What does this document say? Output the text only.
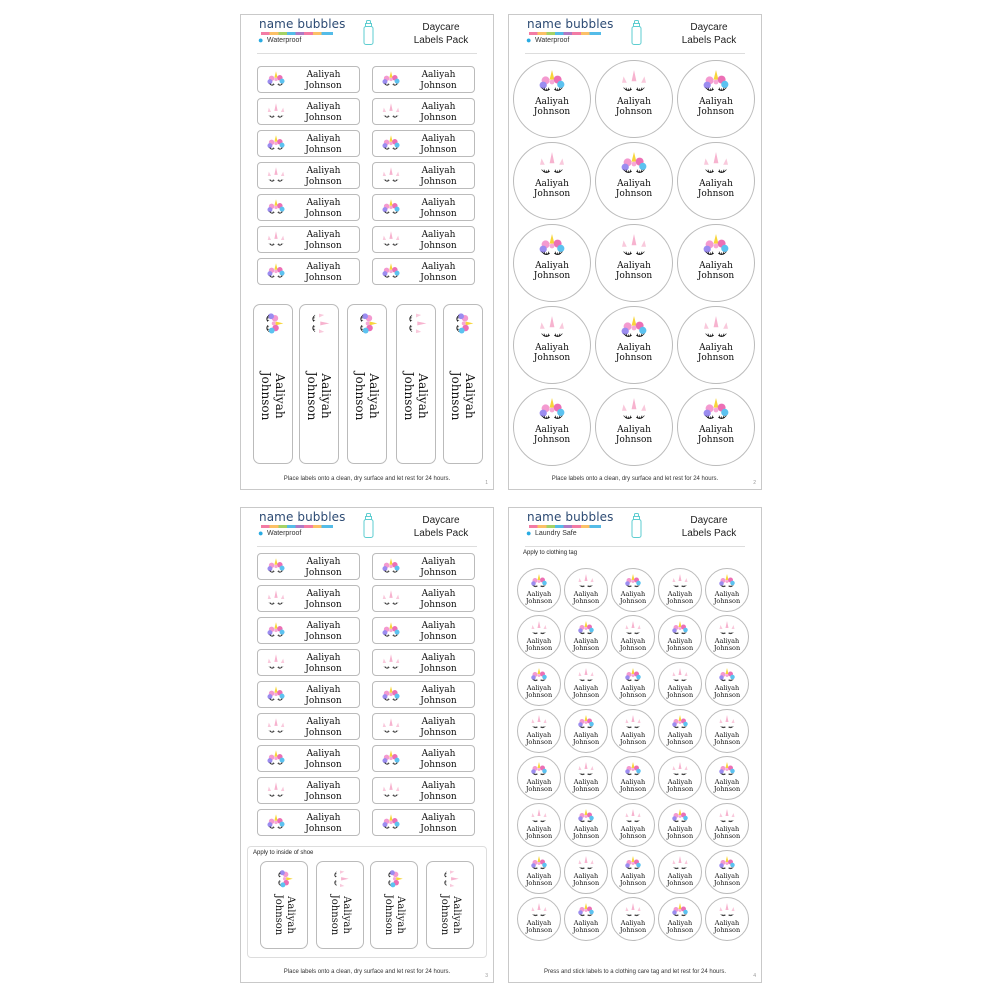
name bubbles
● Waterproof
Daycare
Labels Pack
Place labels onto a clean, dry surface and let rest for 24 hours.
1
Aaliyah
Johnson
Aaliyah
Johnson
Aaliyah
Johnson
Aaliyah
Johnson
Aaliyah
Johnson
Aaliyah
Johnson
Aaliyah
Johnson
Aaliyah
Johnson
Aaliyah
Johnson
Aaliyah
Johnson
Aaliyah
Johnson
Aaliyah
Johnson
Aaliyah
Johnson
Aaliyah
Johnson
Aaliyah
Johnson	Aaliyah
Johnson	Aaliyah
Johnson	Aaliyah
Johnson	Aaliyah
Johnson
name bubbles
● Waterproof
Daycare
Labels Pack
Place labels onto a clean, dry surface and let rest for 24 hours.
2
Aaliyah
Johnson
Aaliyah
Johnson
Aaliyah
Johnson
Aaliyah
Johnson
Aaliyah
Johnson
Aaliyah
Johnson
Aaliyah
Johnson
Aaliyah
Johnson
Aaliyah
Johnson
Aaliyah
Johnson
Aaliyah
Johnson
Aaliyah
Johnson
Aaliyah
Johnson
Aaliyah
Johnson
Aaliyah
Johnson
name bubbles
● Waterproof
Daycare
Labels Pack
Place labels onto a clean, dry surface and let rest for 24 hours.
3
Aaliyah
Johnson
Aaliyah
Johnson
Aaliyah
Johnson
Aaliyah
Johnson
Aaliyah
Johnson
Aaliyah
Johnson
Aaliyah
Johnson
Aaliyah
Johnson
Aaliyah
Johnson
Aaliyah
Johnson
Aaliyah
Johnson
Aaliyah
Johnson
Aaliyah
Johnson
Aaliyah
Johnson
Aaliyah
Johnson
Aaliyah
Johnson
Aaliyah
Johnson
Aaliyah
Johnson
Apply to inside of shoe
Aaliyah
Johnson	Aaliyah
Johnson	Aaliyah
Johnson	Aaliyah
Johnson
name bubbles
● Laundry Safe
Daycare
Labels Pack
Press and stick labels to a clothing care tag and let rest for 24 hours.
4
Apply to clothing tag
Aaliyah
Johnson
Aaliyah
Johnson
Aaliyah
Johnson
Aaliyah
Johnson
Aaliyah
Johnson
Aaliyah
Johnson
Aaliyah
Johnson
Aaliyah
Johnson
Aaliyah
Johnson
Aaliyah
Johnson
Aaliyah
Johnson
Aaliyah
Johnson
Aaliyah
Johnson
Aaliyah
Johnson
Aaliyah
Johnson
Aaliyah
Johnson
Aaliyah
Johnson
Aaliyah
Johnson
Aaliyah
Johnson
Aaliyah
Johnson
Aaliyah
Johnson
Aaliyah
Johnson
Aaliyah
Johnson
Aaliyah
Johnson
Aaliyah
Johnson
Aaliyah
Johnson
Aaliyah
Johnson
Aaliyah
Johnson
Aaliyah
Johnson
Aaliyah
Johnson
Aaliyah
Johnson
Aaliyah
Johnson
Aaliyah
Johnson
Aaliyah
Johnson
Aaliyah
Johnson
Aaliyah
Johnson
Aaliyah
Johnson
Aaliyah
Johnson
Aaliyah
Johnson
Aaliyah
Johnson
